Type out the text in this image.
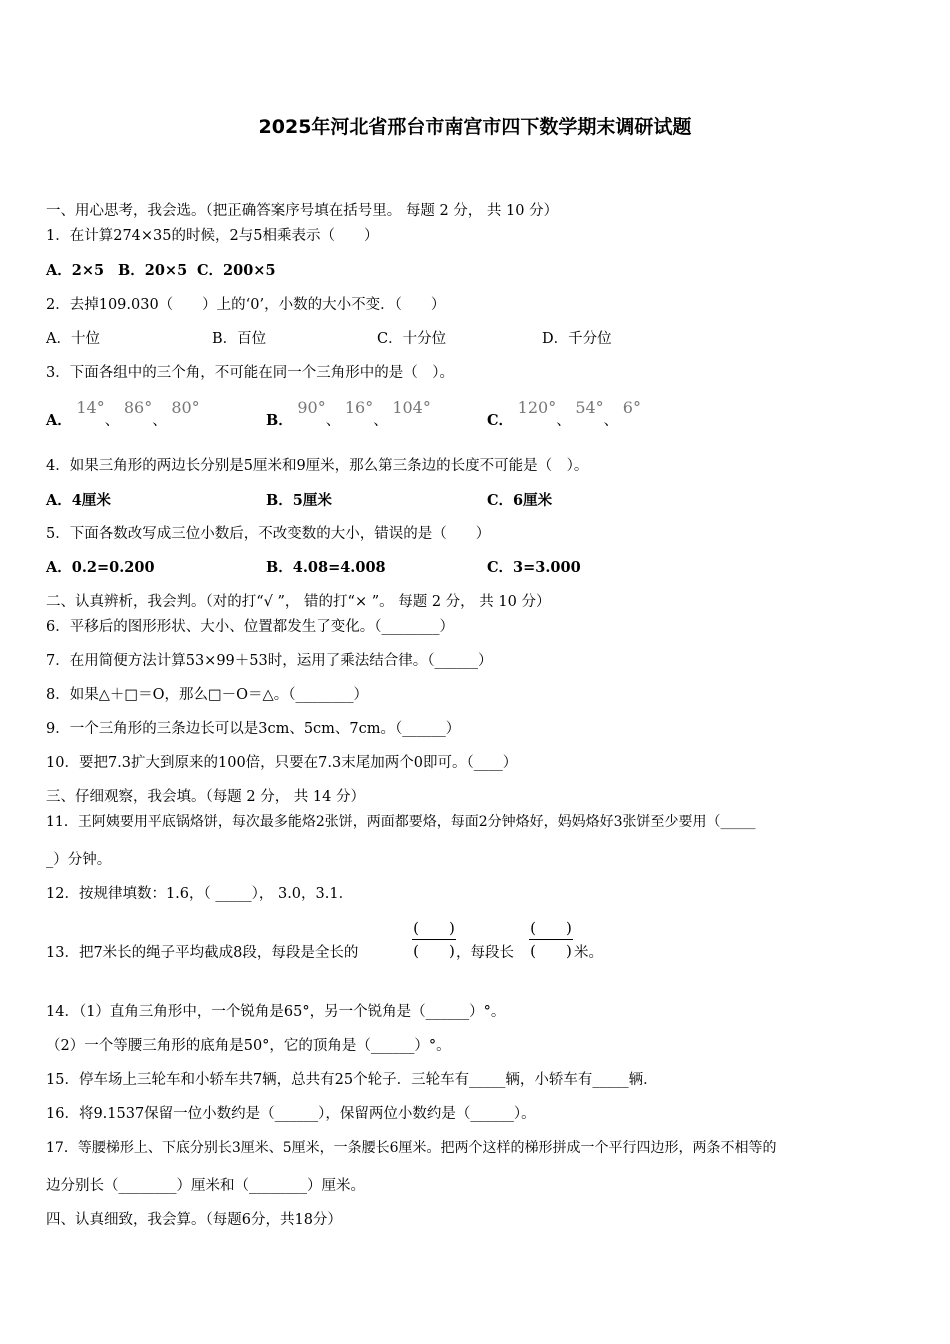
2025年河北省邢台市南宫市四下数学期末调研试题
一、用心思考，我会选。（把正确答案序号填在括号里。 每题 2 分， 共 10 分）
1．在计算274×35的时候，2与5相乘表示（　　）
A．2×5 B．20×5 C．200×5
2．去掉109.030（　　）上的‘0’，小数的大小不变．（　　）
A．十位	B．百位	C．十分位	D．千分位
3．下面各组中的三个角，不可能在同一个三角形中的是（　）。
A． 14°、 86°、 80°
B． 90°、 16°、 104°
C． 120°、 54°、 6°
4．如果三角形的两边长分别是5厘米和9厘米，那么第三条边的长度不可能是（　）。
A．4厘米	B．5厘米	C．6厘米
5．下面各数改写成三位小数后，不改变数的大小，错误的是（　　）
A．0.2=0.200	B．4.08=4.008	C．3=3.000
二、认真辨析，我会判。（对的打“√ ”， 错的打“× ”。 每题 2 分， 共 10 分）
6．平移后的图形形状、大小、位置都发生了变化。（________）
7．在用简便方法计算53×99＋53时，运用了乘法结合律。（______）
8．如果△＋□＝O，那么□－O＝△。（________）
9．一个三角形的三条边长可以是3cm、5cm、7cm。（______）
10．要把7.3扩大到原来的100倍，只要在7.3末尾加两个0即可。（____）
三、仔细观察，我会填。（每题 2 分， 共 14 分）
11．王阿姨要用平底锅烙饼，每次最多能烙2张饼，两面都要烙，每面2分钟烙好，妈妈烙好3张饼至少要用（_____
_）分钟。
12．按规律填数：1.6，（ _____）， 3.0，3.1．
13．把7米长的绳子平均截成8段，每段是全长的
(　　)
(　　) ，每段长
(　　)
(　　) 米。
14．（1）直角三角形中，一个锐角是65°，另一个锐角是（______）°。
（2）一个等腰三角形的底角是50°，它的顶角是（______）°。
15．停车场上三轮车和小轿车共7辆，总共有25个轮子．三轮车有_____辆，小轿车有_____辆．
16．将9.1537保留一位小数约是（______），保留两位小数约是（______）。
17．等腰梯形上、下底分别长3厘米、5厘米，一条腰长6厘米。把两个这样的梯形拼成一个平行四边形，两条不相等的
边分别长（________）厘米和（________）厘米。
四、认真细致，我会算。（每题6分，共18分）
